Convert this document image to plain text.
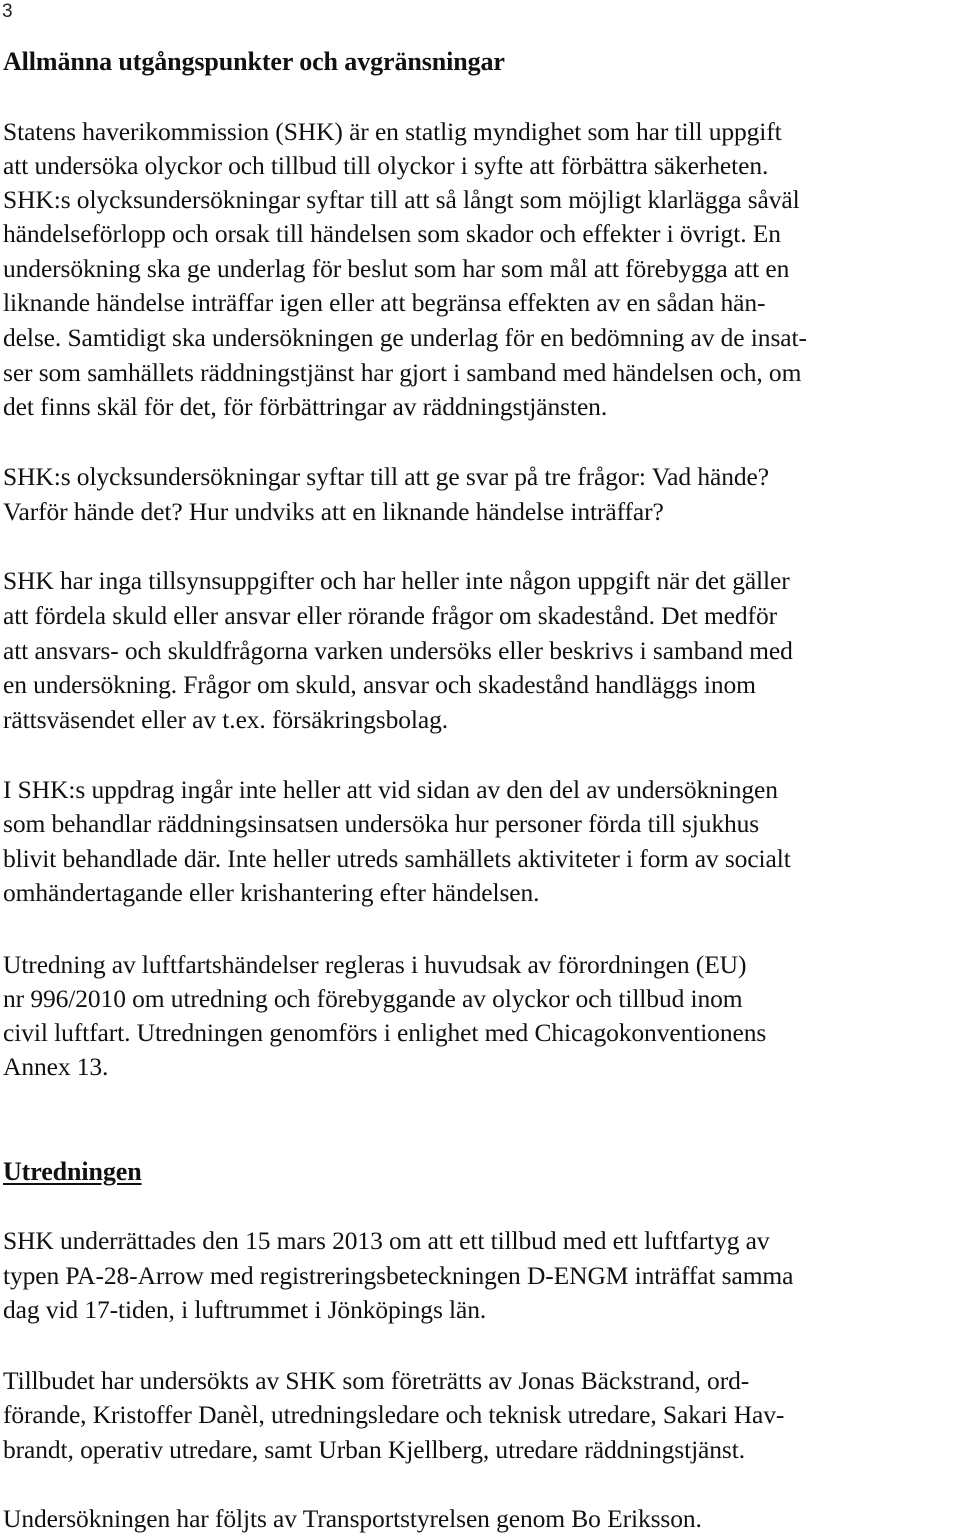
3
Allmänna utgångspunkter och avgränsningar
Statens haverikommission (SHK) är en statlig myndighet som har till uppgift
att undersöka olyckor och tillbud till olyckor i syfte att förbättra säkerheten.
SHK:s olycksundersökningar syftar till att så långt som möjligt klarlägga såväl
händelseförlopp och orsak till händelsen som skador och effekter i övrigt. En
undersökning ska ge underlag för beslut som har som mål att förebygga att en
liknande händelse inträffar igen eller att begränsa effekten av en sådan hän-
delse. Samtidigt ska undersökningen ge underlag för en bedömning av de insat-
ser som samhällets räddningstjänst har gjort i samband med händelsen och, om
det finns skäl för det, för förbättringar av räddningstjänsten.
SHK:s olycksundersökningar syftar till att ge svar på tre frågor: Vad hände?
Varför hände det? Hur undviks att en liknande händelse inträffar?
SHK har inga tillsynsuppgifter och har heller inte någon uppgift när det gäller
att fördela skuld eller ansvar eller rörande frågor om skadestånd. Det medför
att ansvars- och skuldfrågorna varken undersöks eller beskrivs i samband med
en undersökning. Frågor om skuld, ansvar och skadestånd handläggs inom
rättsväsendet eller av t.ex. försäkringsbolag.
I SHK:s uppdrag ingår inte heller att vid sidan av den del av undersökningen
som behandlar räddningsinsatsen undersöka hur personer förda till sjukhus
blivit behandlade där. Inte heller utreds samhällets aktiviteter i form av socialt
omhändertagande eller krishantering efter händelsen.
Utredning av luftfartshändelser regleras i huvudsak av förordningen (EU)
nr 996/2010 om utredning och förebyggande av olyckor och tillbud inom
civil luftfart. Utredningen genomförs i enlighet med Chicagokonventionens
Annex 13.
Utredningen
SHK underrättades den 15 mars 2013 om att ett tillbud med ett luftfartyg av
typen PA-28-Arrow med registreringsbeteckningen D-ENGM inträffat samma
dag vid 17-tiden, i luftrummet i Jönköpings län.
Tillbudet har undersökts av SHK som företrätts av Jonas Bäckstrand, ord-
förande, Kristoffer Danèl, utredningsledare och teknisk utredare, Sakari Hav-
brandt, operativ utredare, samt Urban Kjellberg, utredare räddningstjänst.
Undersökningen har följts av Transportstyrelsen genom Bo Eriksson.
